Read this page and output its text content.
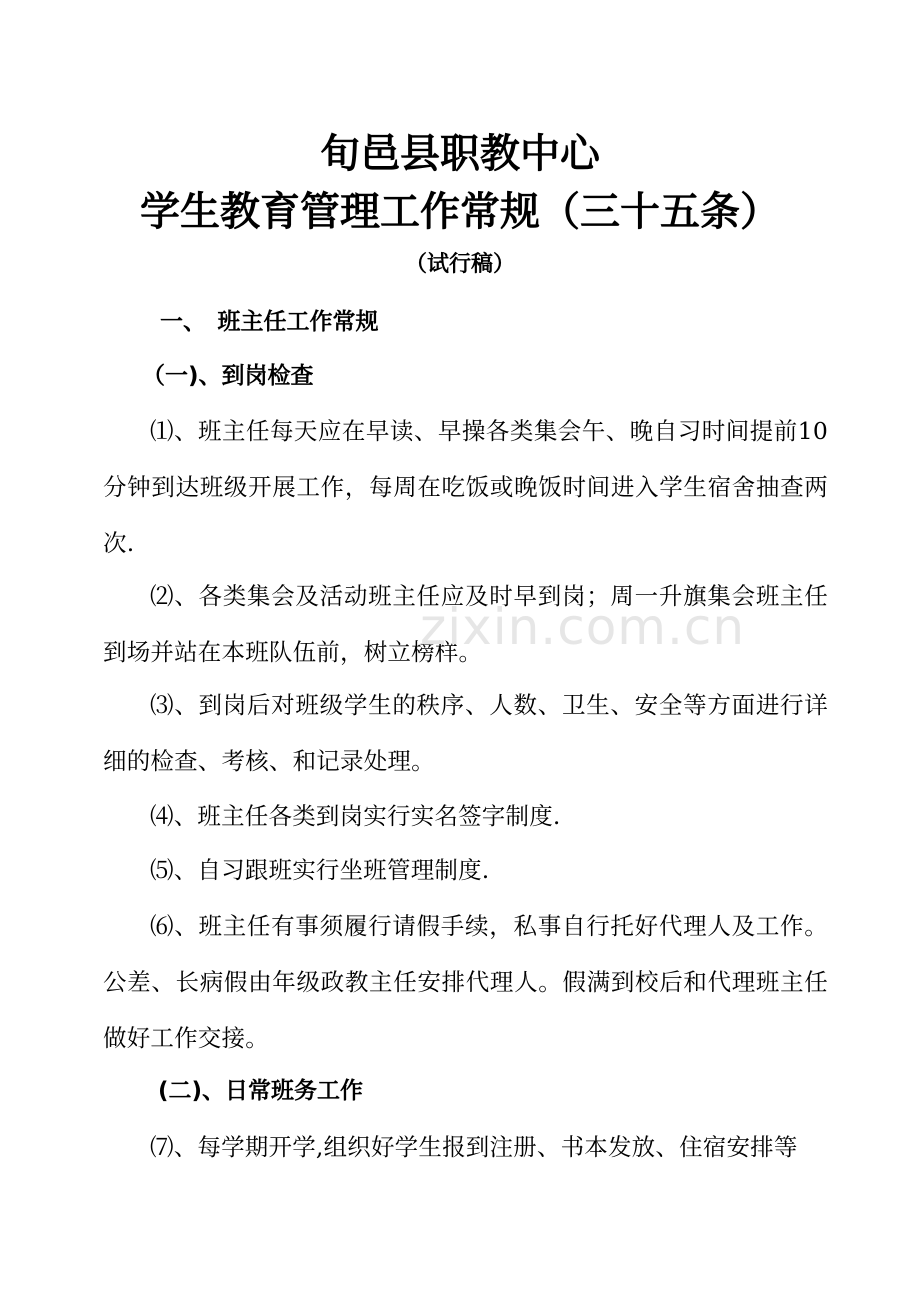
旬邑县职教中心
学生教育管理工作常规（三十五条）
（试行稿）
一、　班主任工作常规
（一)、到岗检查

⑴、班主任每天应在早读、早操各类集会午、晚自习时间提前10分钟到达班级开展工作，每周在吃饭或晚饭时间进入学生宿舍抽查两次.

⑵、各类集会及活动班主任应及时早到岗；周一升旗集会班主任到场并站在本班队伍前，树立榜样。

⑶、到岗后对班级学生的秩序、人数、卫生、安全等方面进行详细的检查、考核、和记录处理。

⑷、班主任各类到岗实行实名签字制度.

⑸、自习跟班实行坐班管理制度.

⑹、班主任有事须履行请假手续，私事自行托好代理人及工作。公差、长病假由年级政教主任安排代理人。假满到校后和代理班主任做好工作交接。

(二)、日常班务工作

⑺、每学期开学,组织好学生报到注册、书本发放、住宿安排等

zixin.com.cn
